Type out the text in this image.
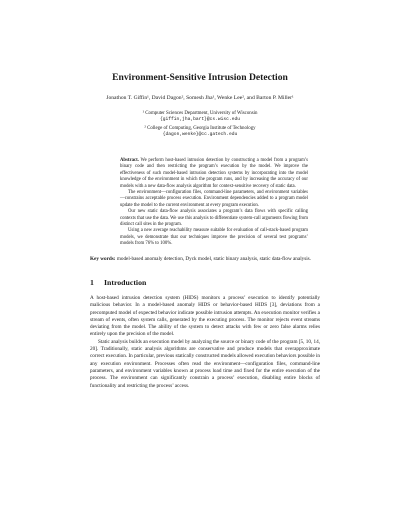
Environment-Sensitive Intrusion Detection
Jonathon T. Giffin¹, David Dagon², Somesh Jha¹, Wenke Lee², and Barton P. Miller¹
¹ Computer Sciences Department, University of Wisconsin
{giffin,jha,bart}@cs.wisc.edu
² College of Computing, Georgia Institute of Technology
{dagon,wenke}@cc.gatech.edu

Abstract. We perform host-based intrusion detection by constructing a model from a program’s binary code and then restricting the program’s execution by the model. We improve the effectiveness of such model-based intrusion detection systems by incorporating into the model knowledge of the environment in which the program runs, and by increasing the accuracy of our models with a new data-flow analysis algorithm for context-sensitive recovery of static data.

The environment—configuration files, command-line parameters, and environment variables—constrains acceptable process execution. Environment dependencies added to a program model update the model to the current environment at every program execution.

Our new static data-flow analysis associates a program’s data flows with specific calling contexts that use the data. We use this analysis to differentiate system-call arguments flowing from distinct call sites in the program.

Using a new average reachability measure suitable for evaluation of call-stack-based program models, we demonstrate that our techniques improve the precision of several test programs’ models from 76% to 100%.

Key words: model-based anomaly detection, Dyck model, static binary analysis, static data-flow analysis.
1 Introduction

A host-based intrusion detection system (HIDS) monitors a process’ execution to identify potentially malicious behavior. In a model-based anomaly HIDS or behavior-based HIDS [3], deviations from a precomputed model of expected behavior indicate possible intrusion attempts. An execution monitor verifies a stream of events, often system calls, generated by the executing process. The monitor rejects event streams deviating from the model. The ability of the system to detect attacks with few or zero false alarms relies entirely upon the precision of the model.

Static analysis builds an execution model by analyzing the source or binary code of the program [5, 10, 14, 20]. Traditionally, static analysis algorithms are conservative and produce models that overapproximate correct execution. In particular, previous statically constructed models allowed execution behaviors possible in any execution environment. Processes often read the environment—configuration files, command-line parameters, and environment variables known at process load time and fixed for the entire execution of the process. The environment can significantly constrain a process’ execution, disabling entire blocks of functionality and restricting the process’ access.
